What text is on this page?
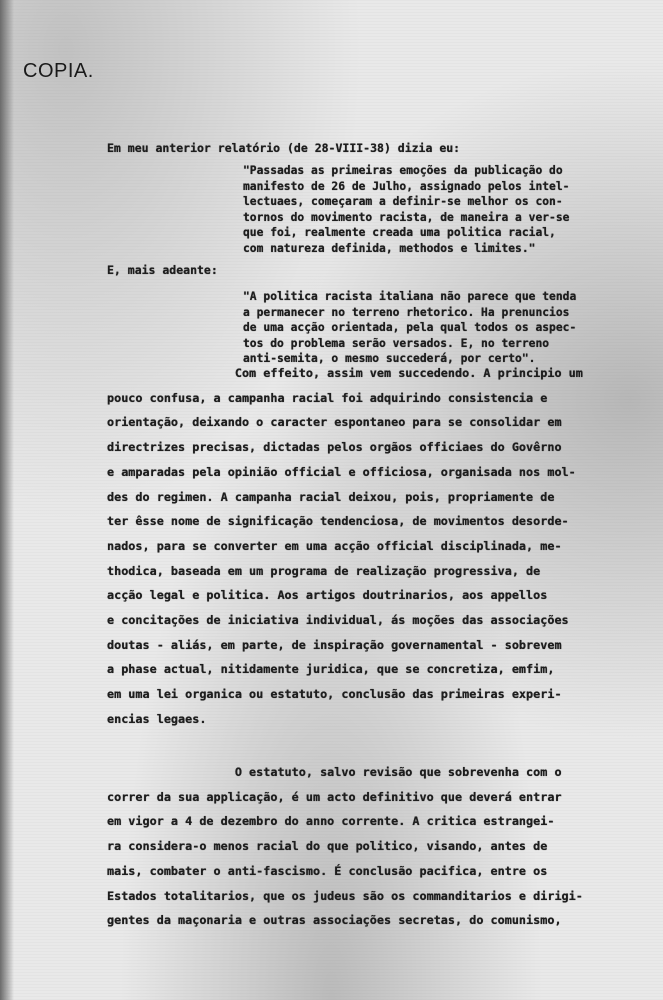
COPIA.
Em meu anterior relatório (de 28-VIII-38) dizia eu:
"Passadas as primeiras emoções da publicação do
manifesto de 26 de Julho, assignado pelos intel-
lectuaes, começaram a definir-se melhor os con-
tornos do movimento racista, de maneira a ver-se
que foi, realmente creada uma politica racial,
com natureza definida, methodos e limites."
E, mais adeante:
"A politica racista italiana não parece que tenda
a permanecer no terreno rhetorico. Ha prenuncios
de uma acção orientada, pela qual todos os aspec-
tos do problema serão versados. E, no terreno
anti-semita, o mesmo succederá, por certo".
Com effeito, assim vem succedendo. A principio um
pouco confusa, a campanha racial foi adquirindo consistencia e
orientação, deixando o caracter espontaneo para se consolidar em
directrizes precisas, dictadas pelos orgãos officiaes do Govêrno
e amparadas pela opinião official e officiosa, organisada nos mol-
des do regimen. A campanha racial deixou, pois, propriamente de
ter êsse nome de significação tendenciosa, de movimentos desorde-
nados, para se converter em uma acção official disciplinada, me-
thodica, baseada em um programa de realização progressiva, de
acção legal e politica. Aos artigos doutrinarios, aos appellos
e concitações de iniciativa individual, ás moções das associações
doutas - aliás, em parte, de inspiração governamental - sobrevem
a phase actual, nitidamente juridica, que se concretiza, emfim,
em uma lei organica ou estatuto, conclusão das primeiras experi-
encias legaes.
O estatuto, salvo revisão que sobrevenha com o
correr da sua applicação, é um acto definitivo que deverá entrar
em vigor a 4 de dezembro do anno corrente. A critica estrangei-
ra considera-o menos racial do que politico, visando, antes de
mais, combater o anti-fascismo. É conclusão pacifica, entre os
Estados totalitarios, que os judeus são os commanditarios e dirigi-
gentes da maçonaria e outras associações secretas, do comunismo,
